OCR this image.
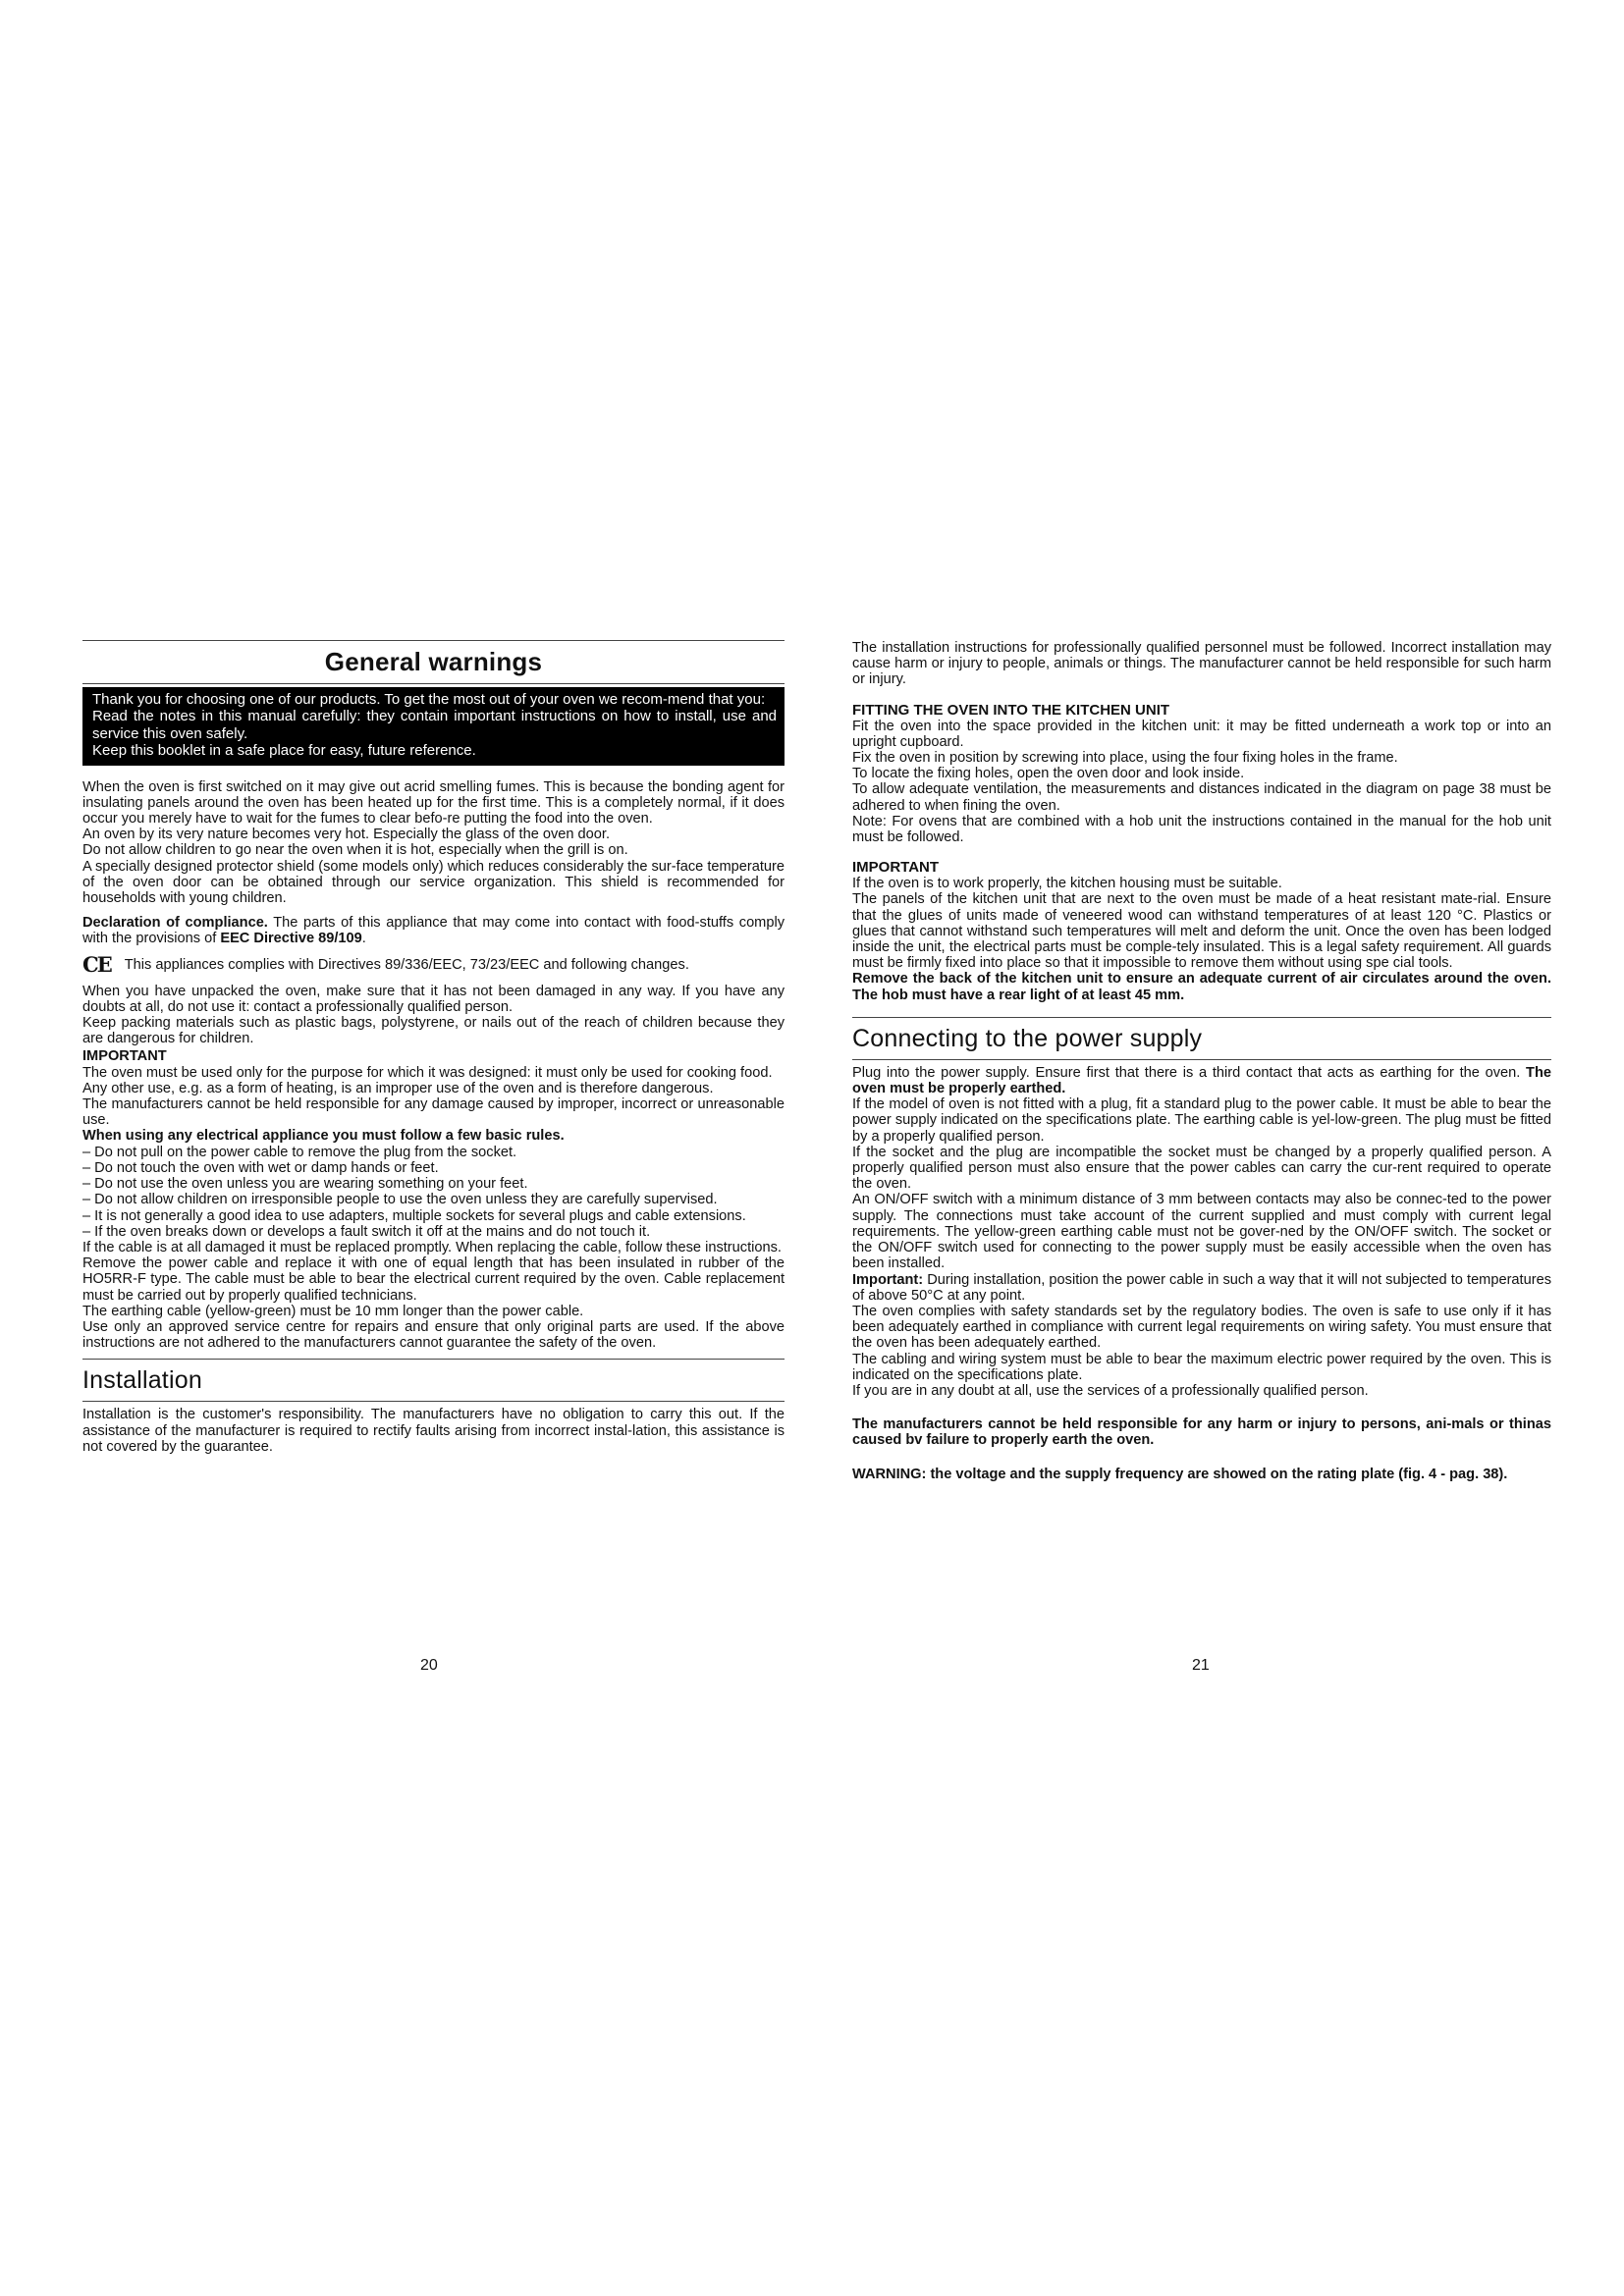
General warnings

Thank you for choosing one of our products. To get the most out of your oven we recom-mend that you:

Read the notes in this manual carefully: they contain important instructions on how to install, use and service this oven safely.

Keep this booklet in a safe place for easy, future reference.

When the oven is first switched on it may give out acrid smelling fumes. This is because the bonding agent for insulating panels around the oven has been heated up for the first time. This is a completely normal, if it does occur you merely have to wait for the fumes to clear befo-re putting the food into the oven.

An oven by its very nature becomes very hot. Especially the glass of the oven door.

Do not allow children to go near the oven when it is hot, especially when the grill is on.

A specially designed protector shield (some models only) which reduces considerably the sur-face temperature of the oven door can be obtained through our service organization. This shield is recommended for households with young children.

Declaration of compliance. The parts of this appliance that may come into contact with food-stuffs comply with the provisions of EEC Directive 89/109.

CE This appliances complies with Directives 89/336/EEC, 73/23/EEC and following changes.

When you have unpacked the oven, make sure that it has not been damaged in any way. If you have any doubts at all, do not use it: contact a professionally qualified person.

Keep packing materials such as plastic bags, polystyrene, or nails out of the reach of children because they are dangerous for children.

IMPORTANT

The oven must be used only for the purpose for which it was designed: it must only be used for cooking food.

Any other use, e.g. as a form of heating, is an improper use of the oven and is therefore dangerous.

The manufacturers cannot be held responsible for any damage caused by improper, incorrect or unreasonable use.

When using any electrical appliance you must follow a few basic rules.

– Do not pull on the power cable to remove the plug from the socket.

– Do not touch the oven with wet or damp hands or feet.

– Do not use the oven unless you are wearing something on your feet.

– Do not allow children on irresponsible people to use the oven unless they are carefully supervised.

– It is not generally a good idea to use adapters, multiple sockets for several plugs and cable extensions.

– If the oven breaks down or develops a fault switch it off at the mains and do not touch it.

If the cable is at all damaged it must be replaced promptly. When replacing the cable, follow these instructions.

Remove the power cable and replace it with one of equal length that has been insulated in rubber of the HO5RR-F type. The cable must be able to bear the electrical current required by the oven. Cable replacement must be carried out by properly qualified technicians.

The earthing cable (yellow-green) must be 10 mm longer than the power cable.

Use only an approved service centre for repairs and ensure that only original parts are used. If the above instructions are not adhered to the manufacturers cannot guarantee the safety of the oven.

Installation

Installation is the customer's responsibility. The manufacturers have no obligation to carry this out. If the assistance of the manufacturer is required to rectify faults arising from incorrect instal-lation, this assistance is not covered by the guarantee.

20

The installation instructions for professionally qualified personnel must be followed. Incorrect installation may cause harm or injury to people, animals or things. The manufacturer cannot be held responsible for such harm or injury.

FITTING THE OVEN INTO THE KITCHEN UNIT

Fit the oven into the space provided in the kitchen unit: it may be fitted underneath a work top or into an upright cupboard.

Fix the oven in position by screwing into place, using the four fixing holes in the frame.

To locate the fixing holes, open the oven door and look inside.

To allow adequate ventilation, the measurements and distances indicated in the diagram on page 38 must be adhered to when fining the oven.

Note: For ovens that are combined with a hob unit the instructions contained in the manual for the hob unit must be followed.

IMPORTANT

If the oven is to work properly, the kitchen housing must be suitable.

The panels of the kitchen unit that are next to the oven must be made of a heat resistant mate-rial. Ensure that the glues of units made of veneered wood can withstand temperatures of at least 120 °C. Plastics or glues that cannot withstand such temperatures will melt and deform the unit. Once the oven has been lodged inside the unit, the electrical parts must be comple-tely insulated. This is a legal safety requirement. All guards must be firmly fixed into place so that it impossible to remove them without using spe cial tools.

Remove the back of the kitchen unit to ensure an adequate current of air circulates around the oven. The hob must have a rear light of at least 45 mm.

Connecting to the power supply

Plug into the power supply. Ensure first that there is a third contact that acts as earthing for the oven. The oven must be properly earthed.

If the model of oven is not fitted with a plug, fit a standard plug to the power cable. It must be able to bear the power supply indicated on the specifications plate. The earthing cable is yel-low-green. The plug must be fitted by a properly qualified person.

If the socket and the plug are incompatible the socket must be changed by a properly qualified person. A properly qualified person must also ensure that the power cables can carry the cur-rent required to operate the oven.

An ON/OFF switch with a minimum distance of 3 mm between contacts may also be connec-ted to the power supply. The connections must take account of the current supplied and must comply with current legal requirements. The yellow-green earthing cable must not be gover-ned by the ON/OFF switch. The socket or the ON/OFF switch used for connecting to the power supply must be easily accessible when the oven has been installed.

Important: During installation, position the power cable in such a way that it will not subjected to temperatures of above 50°C at any point.

The oven complies with safety standards set by the regulatory bodies. The oven is safe to use only if it has been adequately earthed in compliance with current legal requirements on wiring safety. You must ensure that the oven has been adequately earthed.

The cabling and wiring system must be able to bear the maximum electric power required by the oven. This is indicated on the specifications plate.

If you are in any doubt at all, use the services of a professionally qualified person.

The manufacturers cannot be held responsible for any harm or injury to persons, ani-mals or thinas caused bv failure to properly earth the oven.

WARNING: the voltage and the supply frequency are showed on the rating plate (fig. 4 - pag. 38).

21
